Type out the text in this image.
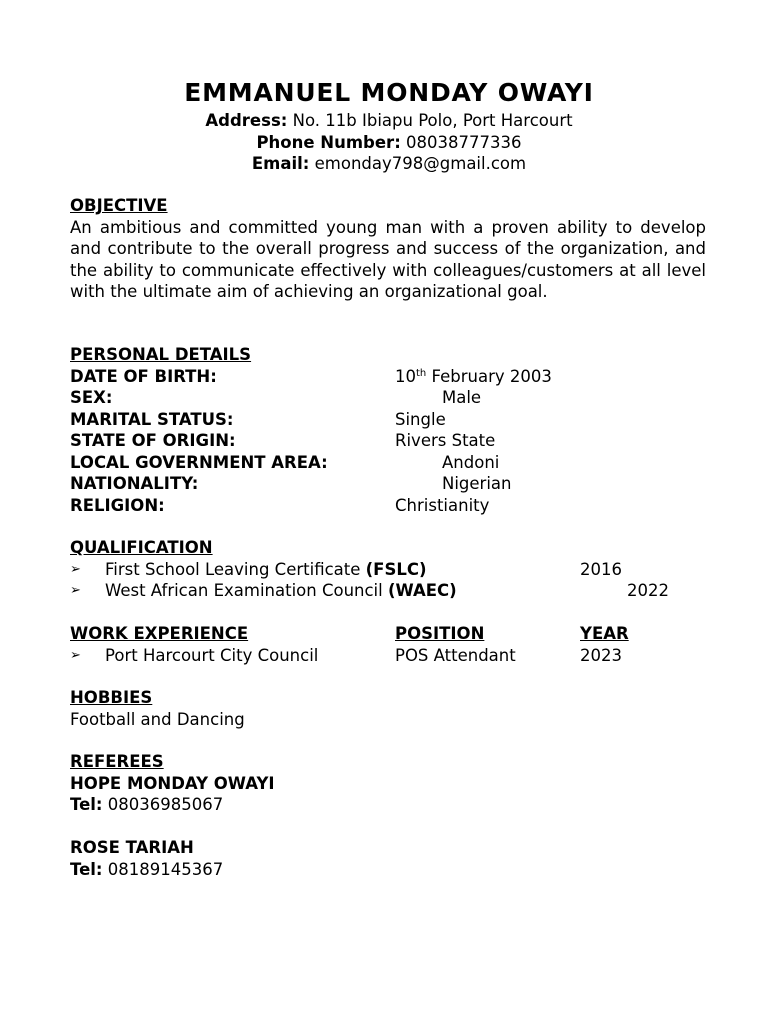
EMMANUEL MONDAY OWAYI
Address: No. 11b Ibiapu Polo, Port Harcourt
Phone Number: 08038777336
Email: emonday798@gmail.com
OBJECTIVE
An ambitious and committed young man with a proven ability to develop and contribute to the overall progress and success of the organization, and the ability to communicate effectively with colleagues/customers at all level with the ultimate aim of achieving an organizational goal.
PERSONAL DETAILS
DATE OF BIRTH:	10th February 2003
SEX:	Male
MARITAL STATUS:	Single
STATE OF ORIGIN:	Rivers State
LOCAL GOVERNMENT AREA:	Andoni
NATIONALITY:	Nigerian
RELIGION:	Christianity
QUALIFICATION
➢ First School Leaving Certificate (FSLC)	2016
➢ West African Examination Council (WAEC)	2022
WORK EXPERIENCE	POSITION	YEAR
➢ Port Harcourt City Council	POS Attendant	2023
HOBBIES
Football and Dancing
REFEREES
HOPE MONDAY OWAYI
Tel: 08036985067
ROSE TARIAH
Tel: 08189145367
